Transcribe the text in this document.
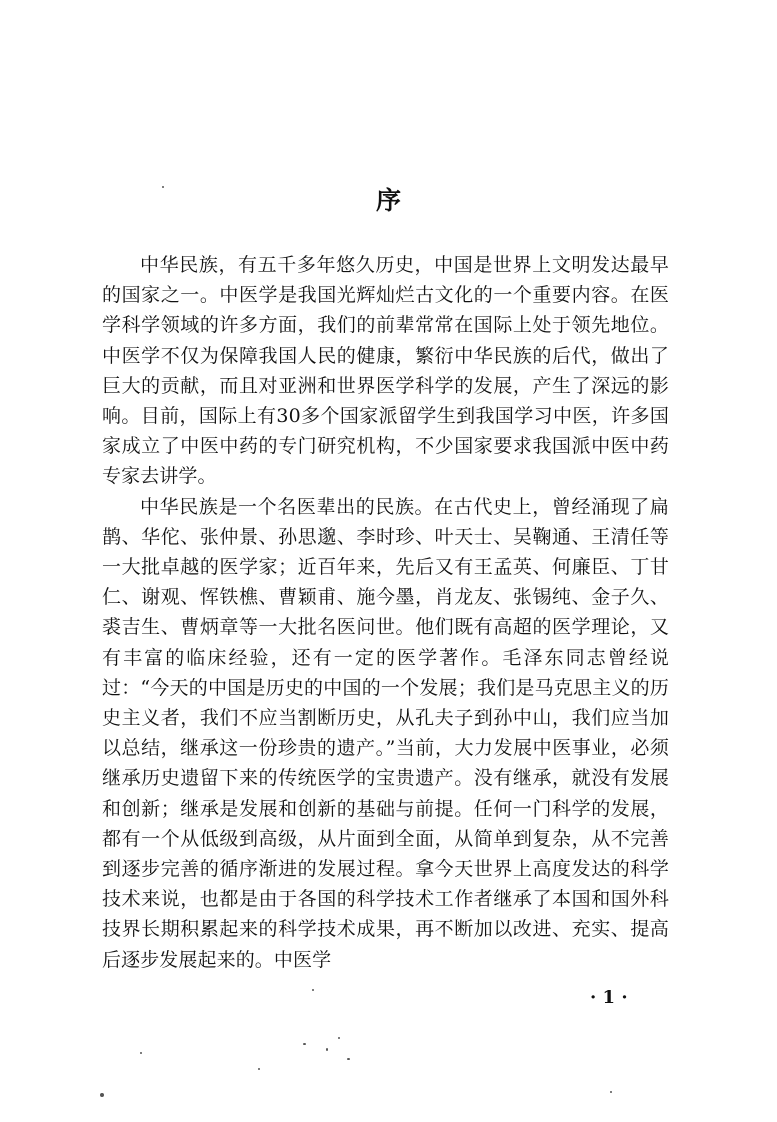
序

中华民族，有五千多年悠久历史，中国是世界上文明发达最早的国家之一。中医学是我国光辉灿烂古文化的一个重要内容。在医学科学领域的许多方面，我们的前辈常常在国际上处于领先地位。中医学不仅为保障我国人民的健康，繁衍中华民族的后代，做出了巨大的贡献，而且对亚洲和世界医学科学的发展，产生了深远的影响。目前，国际上有30多个国家派留学生到我国学习中医，许多国家成立了中医中药的专门研究机构，不少国家要求我国派中医中药专家去讲学。

中华民族是一个名医辈出的民族。在古代史上，曾经涌现了扁鹊、华佗、张仲景、孙思邈、李时珍、叶天士、吴鞠通、王清任等一大批卓越的医学家；近百年来，先后又有王孟英、何廉臣、丁甘仁、谢观、恽铁樵、曹颖甫、施今墨，肖龙友、张锡纯、金子久、裘吉生、曹炳章等一大批名医问世。他们既有高超的医学理论，又有丰富的临床经验，还有一定的医学著作。毛泽东同志曾经说过：“今天的中国是历史的中国的一个发展；我们是马克思主义的历史主义者，我们不应当割断历史，从孔夫子到孙中山，我们应当加以总结，继承这一份珍贵的遗产。”当前，大力发展中医事业，必须继承历史遗留下来的传统医学的宝贵遗产。没有继承，就没有发展和创新；继承是发展和创新的基础与前提。任何一门科学的发展，都有一个从低级到高级，从片面到全面，从简单到复杂，从不完善到逐步完善的循序渐进的发展过程。拿今天世界上高度发达的科学技术来说，也都是由于各国的科学技术工作者继承了本国和国外科技界长期积累起来的科学技术成果，再不断加以改进、充实、提高后逐步发展起来的。中医学

· 1 ·
